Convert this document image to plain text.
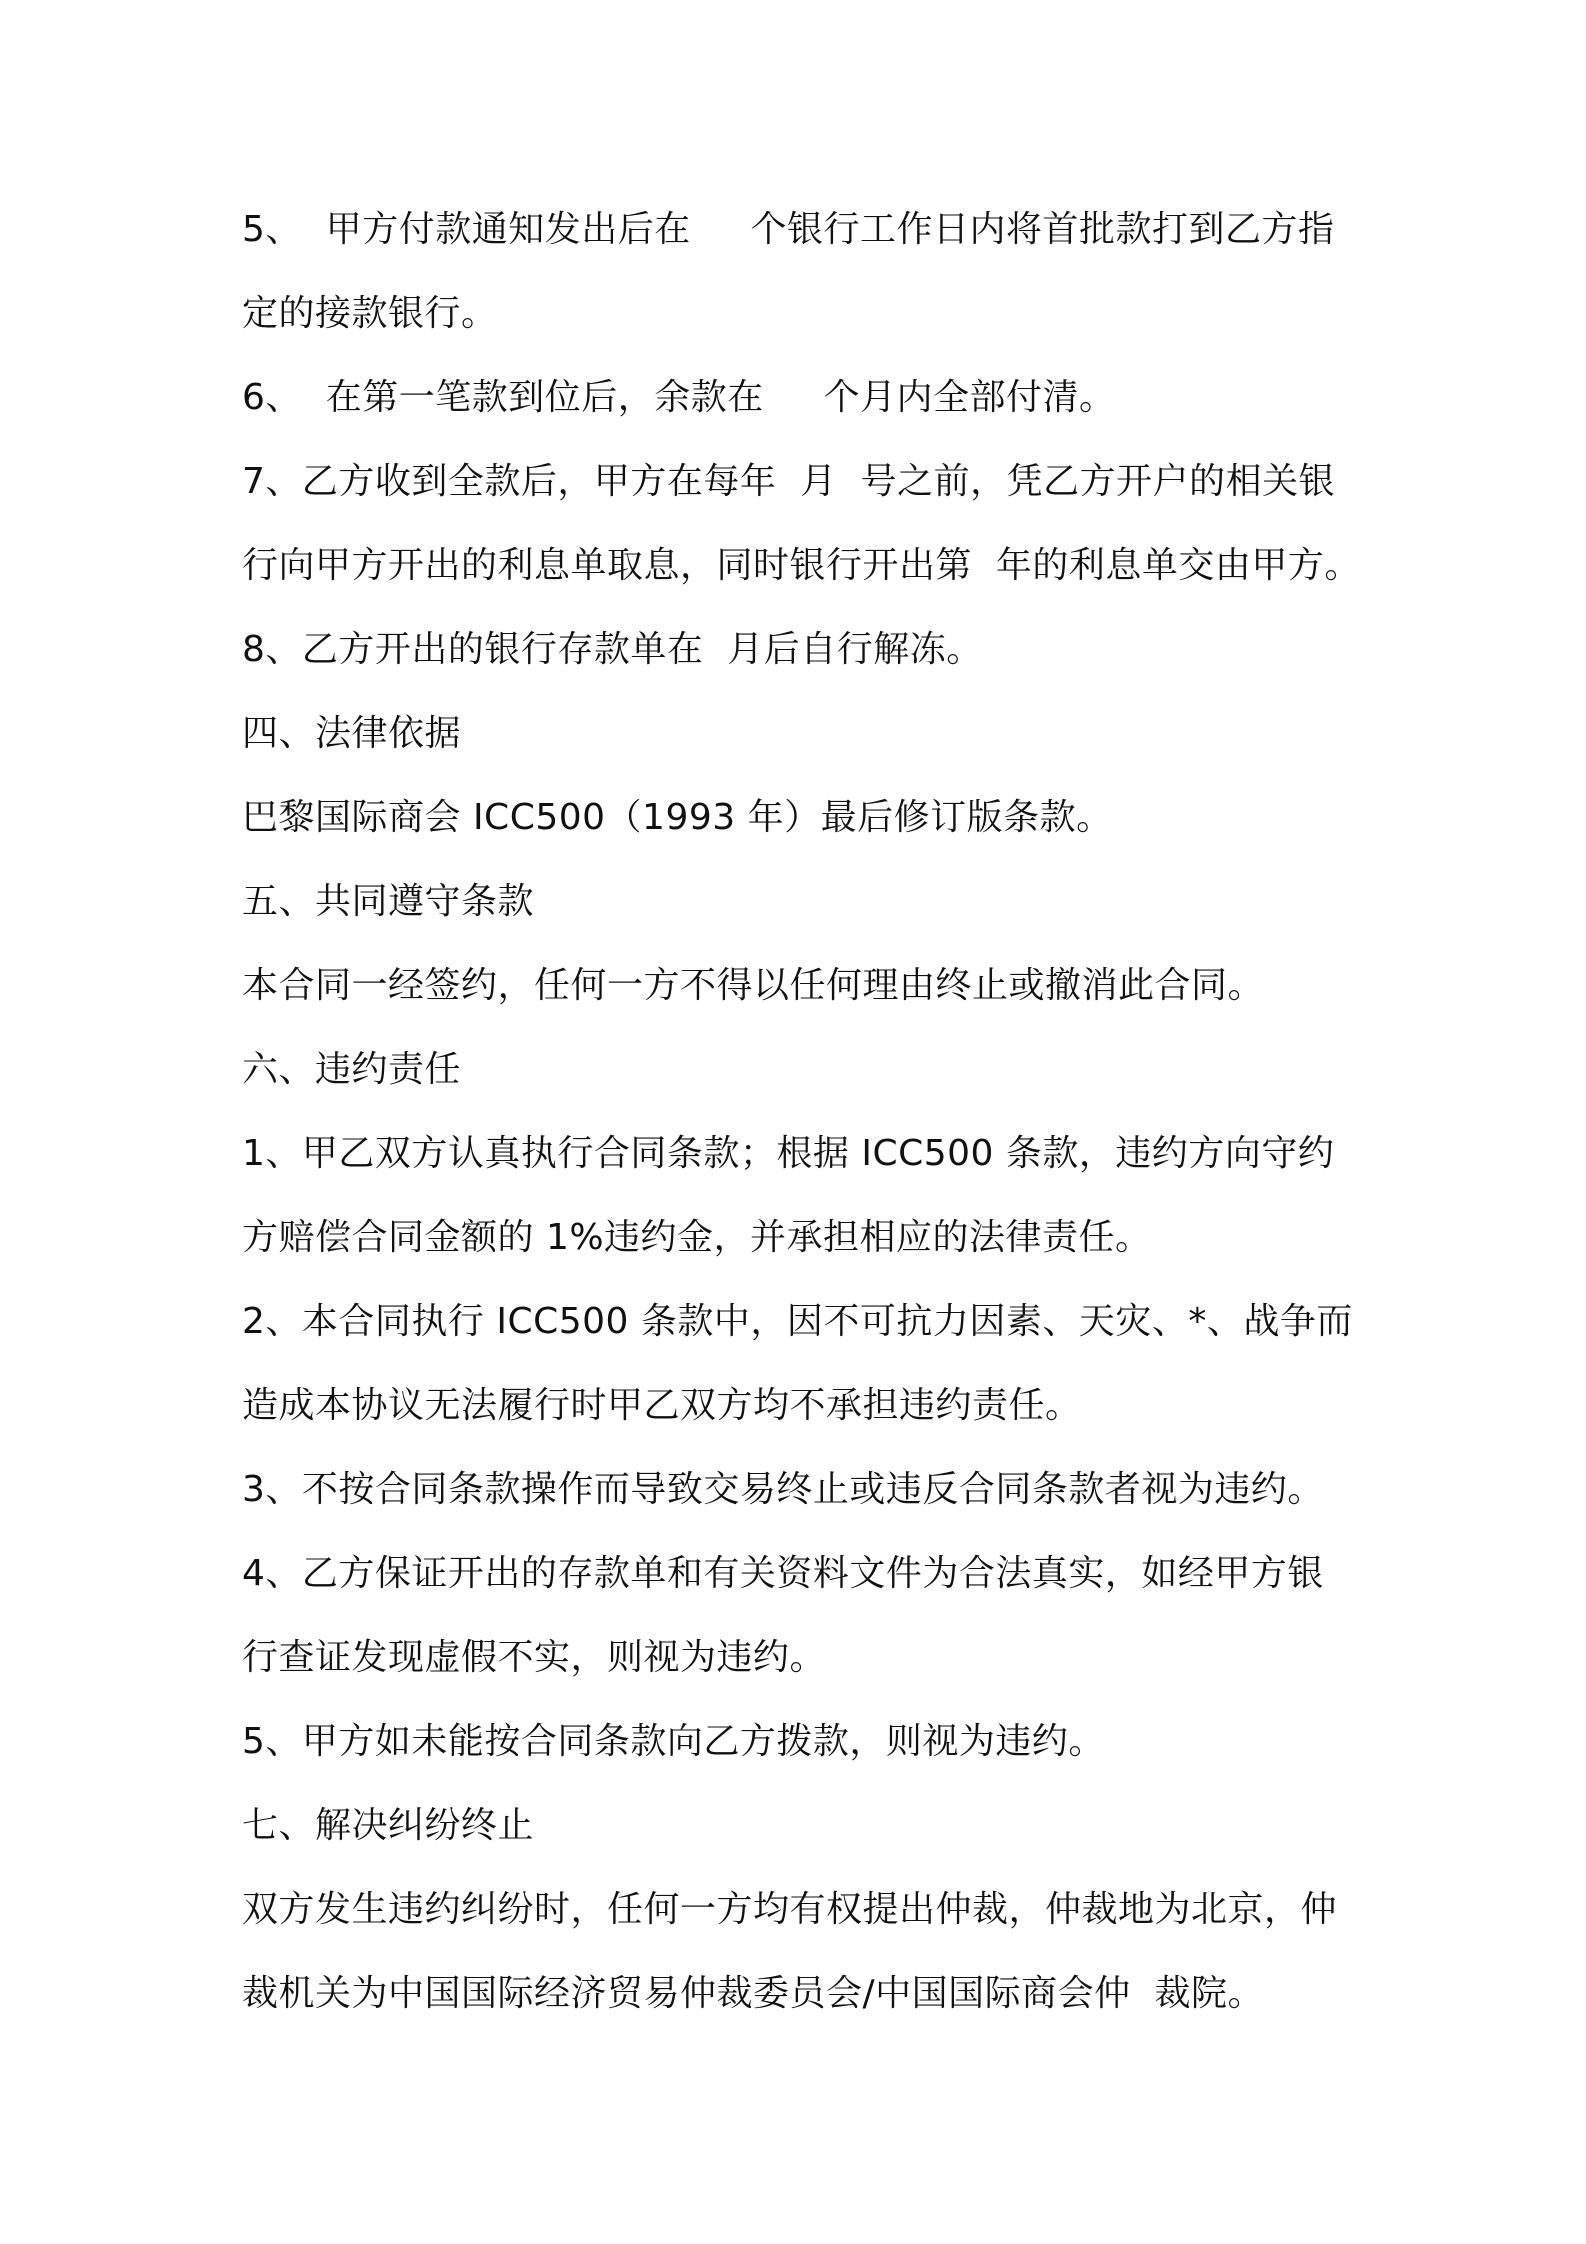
5、  甲方付款通知发出后在     个银行工作日内将首批款打到乙方指
定的接款银行。
6、  在第一笔款到位后，余款在     个月内全部付清。
7、乙方收到全款后，甲方在每年  月  号之前，凭乙方开户的相关银
行向甲方开出的利息单取息，同时银行开出第  年的利息单交由甲方。
8、乙方开出的银行存款单在  月后自行解冻。
四、法律依据
巴黎国际商会 ICC500（1993 年）最后修订版条款。
五、共同遵守条款
本合同一经签约，任何一方不得以任何理由终止或撤消此合同。
六、违约责任
1、甲乙双方认真执行合同条款；根据 ICC500 条款，违约方向守约
方赔偿合同金额的 1%违约金，并承担相应的法律责任。
2、本合同执行 ICC500 条款中，因不可抗力因素、天灾、*、战争而
造成本协议无法履行时甲乙双方均不承担违约责任。
3、不按合同条款操作而导致交易终止或违反合同条款者视为违约。
4、乙方保证开出的存款单和有关资料文件为合法真实，如经甲方银
行查证发现虚假不实，则视为违约。
5、甲方如未能按合同条款向乙方拨款，则视为违约。
七、解决纠纷终止
双方发生违约纠纷时，任何一方均有权提出仲裁，仲裁地为北京，仲
裁机关为中国国际经济贸易仲裁委员会/中国国际商会仲  裁院。
